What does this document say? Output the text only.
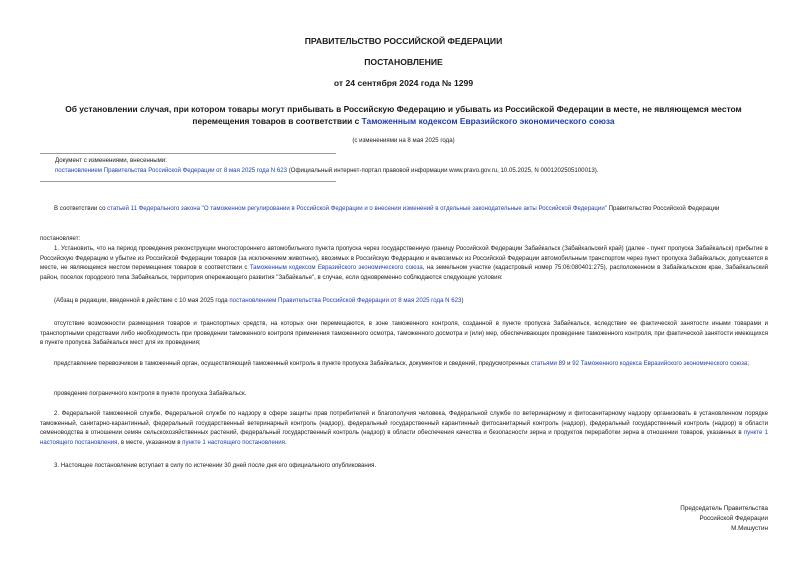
ПРАВИТЕЛЬСТВО РОССИЙСКОЙ ФЕДЕРАЦИИ
ПОСТАНОВЛЕНИЕ
от 24 сентября 2024 года № 1299
Об установлении случая, при котором товары могут прибывать в Российскую Федерацию и убывать из Российской Федерации в месте, не являющемся местом перемещения товаров в соответствии с Таможенным кодексом Евразийского экономического союза
(с изменениями на 8 мая 2025 года)
Документ с изменениями, внесенными:
постановлением Правительства Российской Федерации от 8 мая 2025 года N 623 (Официальный интернет-портал правовой информации www.pravo.gov.ru, 10.05.2025, N 0001202505100013).
В соответствии со статьей 11 Федерального закона "О таможенном регулировании в Российской Федерации и о внесении изменений в отдельные законодательные акты Российской Федерации" Правительство Российской Федерации
постановляет:
1. Установить, что на период проведения реконструкции многостороннего автомобильного пункта пропуска через государственную границу Российской Федерации Забайкальск (Забайкальский край) (далее - пункт пропуска Забайкальск) прибытие в Российскую Федерацию и убытие из Российской Федерации товаров (за исключением животных), ввозимых в Российскую Федерацию и вывозимых из Российской Федерации автомобильным транспортом через пункт пропуска Забайкальск, допускается в месте, не являющемся местом перемещения товаров в соответствии с Таможенным кодексом Евразийского экономического союза, на земельном участке (кадастровый номер 75:06:080401:275), расположенном в Забайкальском крае, Забайкальский район, поселок городского типа Забайкальск, территория опережающего развития "Забайкалье", в случае, если одновременно соблюдаются следующие условия:
(Абзац в редакции, введенной в действие с 10 мая 2025 года постановлением Правительства Российской Федерации от 8 мая 2025 года N 623)
отсутствие возможности размещения товаров и транспортных средств, на которых они перемещаются, в зоне таможенного контроля, созданной в пункте пропуска Забайкальск, вследствие ее фактической занятости иными товарами и транспортными средствами либо необходимость при проведении таможенного контроля применения таможенного осмотра, таможенного досмотра и (или) мер, обеспечивающих проведение таможенного контроля, при фактической занятости имеющихся в пункте пропуска Забайкальск мест для их проведения;
представление перевозчиком в таможенный орган, осуществляющий таможенный контроль в пункте пропуска Забайкальск, документов и сведений, предусмотренных статьями 89 и 92 Таможенного кодекса Евразийского экономического союза;
проведение пограничного контроля в пункте пропуска Забайкальск.
2. Федеральной таможенной службе, Федеральной службе по надзору в сфере защиты прав потребителей и благополучия человека, Федеральной службе по ветеринарному и фитосанитарному надзору организовать в установленном порядке таможенный, санитарно-карантинный, федеральный государственный ветеринарный контроль (надзор), федеральный государственный карантинный фитосанитарный контроль (надзор), федеральный государственный контроль (надзор) в области семеноводства в отношении семян сельскохозяйственных растений, федеральный государственный контроль (надзор) в области обеспечения качества и безопасности зерна и продуктов переработки зерна в отношении товаров, указанных в пункте 1 настоящего постановления, в месте, указанном в пункте 1 настоящего постановления.
3. Настоящее постановление вступает в силу по истечении 30 дней после дня его официального опубликования.
Председатель Правительства
Российской Федерации
М.Мишустин
